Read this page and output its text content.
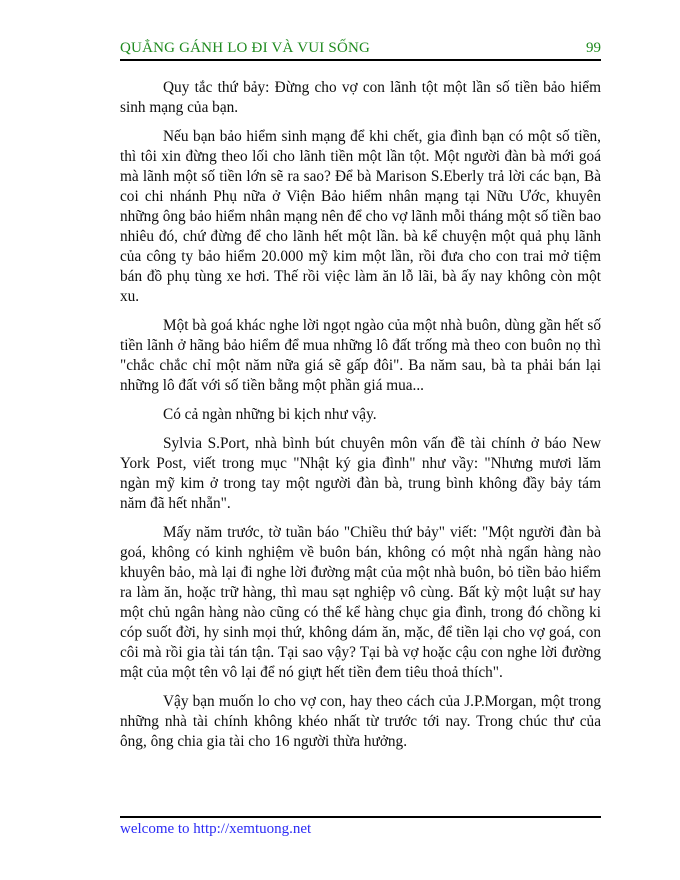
QUẲNG GÁNH LO ĐI VÀ VUI SỐNG	99

Quy tắc thứ bảy: Đừng cho vợ con lãnh tột một lần số tiền bảo hiểm sinh mạng của bạn.

Nếu bạn bảo hiểm sinh mạng để khi chết, gia đình bạn có một số tiền, thì tôi xin đừng theo lối cho lãnh tiền một lần tột. Một người đàn bà mới goá mà lãnh một số tiền lớn sẽ ra sao? Để bà Marison S.Eberly trả lời các bạn, Bà coi chi nhánh Phụ nữa ở Viện Bảo hiểm nhân mạng tại Nữu Ước, khuyên những ông bảo hiểm nhân mạng nên để cho vợ lãnh mỗi tháng một số tiền bao nhiêu đó, chứ đừng để cho lãnh hết một lần. bà kể chuyện một quả phụ lãnh của công ty bảo hiểm 20.000 mỹ kim một lần, rồi đưa cho con trai mở tiệm bán đồ phụ tùng xe hơi. Thế rồi việc làm ăn lỗ lãi, bà ấy nay không còn một xu.

Một bà goá khác nghe lời ngọt ngào của một nhà buôn, dùng gần hết số tiền lãnh ở hãng bảo hiểm để mua những lô đất trống mà theo con buôn nọ thì "chắc chắc chỉ một năm nữa giá sẽ gấp đôi". Ba năm sau, bà ta phải bán lại những lô đất với số tiền bằng một phần giá mua...

Có cả ngàn những bi kịch như vậy.

Sylvia S.Port, nhà bình bút chuyên môn vấn đề tài chính ở báo New York Post, viết trong mục "Nhật ký gia đình" như vầy: "Nhưng mươi lăm ngàn mỹ kim ở trong tay một người đàn bà, trung bình không đầy bảy tám năm đã hết nhẵn".

Mấy năm trước, tờ tuần báo "Chiều thứ bảy" viết: "Một người đàn bà goá, không có kinh nghiệm về buôn bán, không có một nhà ngẩn hàng nào khuyên bảo, mà lại đi nghe lời đường mật của một nhà buôn, bỏ tiền bảo hiểm ra làm ăn, hoặc trữ hàng, thì mau sạt nghiệp vô cùng. Bất kỳ một luật sư hay một chủ ngân hàng nào cũng có thể kể hàng chục gia đình, trong đó chồng ki cóp suốt đời, hy sinh mọi thứ, không dám ăn, mặc, để tiền lại cho vợ goá, con côi mà rồi gia tài tán tận. Tại sao vậy? Tại bà vợ hoặc cậu con nghe lời đường mật của một tên vô lại để nó giựt hết tiền đem tiêu thoả thích".

Vậy bạn muốn lo cho vợ con, hay theo cách của J.P.Morgan, một trong những nhà tài chính không khéo nhất từ trước tới nay. Trong chúc thư của ông, ông chia gia tài cho 16 người thừa hưởng.

welcome to http://xemtuong.net
